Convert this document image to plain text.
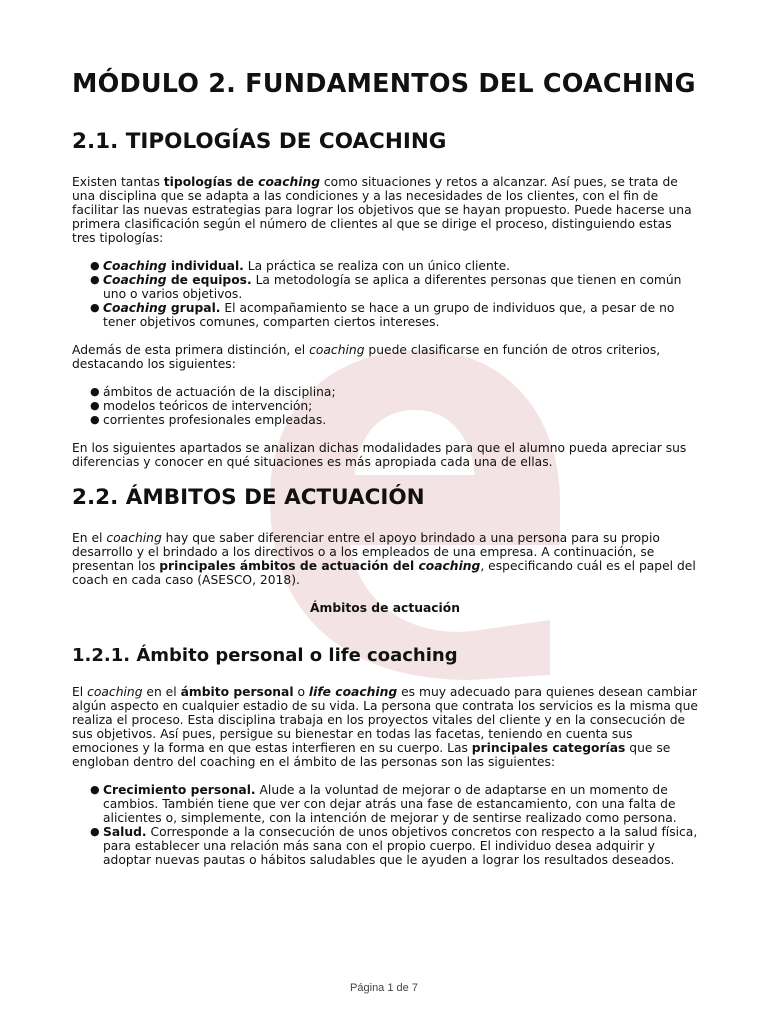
MÓDULO 2. FUNDAMENTOS DEL COACHING
2.1. TIPOLOGÍAS DE COACHING

Existen tantas tipologías de coaching como situaciones y retos a alcanzar. Así pues, se trata de una disciplina que se adapta a las condiciones y a las necesidades de los clientes, con el fin de facilitar las nuevas estrategias para lograr los objetivos que se hayan propuesto. Puede hacerse una primera clasificación según el número de clientes al que se dirige el proceso, distinguiendo estas tres tipologías:

● Coaching individual. La práctica se realiza con un único cliente.
● Coaching de equipos. La metodología se aplica a diferentes personas que tienen en común uno o varios objetivos.
● Coaching grupal. El acompañamiento se hace a un grupo de individuos que, a pesar de no tener objetivos comunes, comparten ciertos intereses.

Además de esta primera distinción, el coaching puede clasificarse en función de otros criterios, destacando los siguientes:

● ámbitos de actuación de la disciplina;
● modelos teóricos de intervención;
● corrientes profesionales empleadas.

En los siguientes apartados se analizan dichas modalidades para que el alumno pueda apreciar sus diferencias y conocer en qué situaciones es más apropiada cada una de ellas.

2.2. ÁMBITOS DE ACTUACIÓN

En el coaching hay que saber diferenciar entre el apoyo brindado a una persona para su propio desarrollo y el brindado a los directivos o a los empleados de una empresa. A continuación, se presentan los principales ámbitos de actuación del coaching, especificando cuál es el papel del coach en cada caso (ASESCO, 2018).

Ámbitos de actuación

1.2.1. Ámbito personal o life coaching

El coaching en el ámbito personal o life coaching es muy adecuado para quienes desean cambiar algún aspecto en cualquier estadio de su vida. La persona que contrata los servicios es la misma que realiza el proceso. Esta disciplina trabaja en los proyectos vitales del cliente y en la consecución de sus objetivos. Así pues, persigue su bienestar en todas las facetas, teniendo en cuenta sus emociones y la forma en que estas interfieren en su cuerpo. Las principales categorías que se engloban dentro del coaching en el ámbito de las personas son las siguientes:

● Crecimiento personal. Alude a la voluntad de mejorar o de adaptarse en un momento de cambios. También tiene que ver con dejar atrás una fase de estancamiento, con una falta de alicientes o, simplemente, con la intención de mejorar y de sentirse realizado como persona.
● Salud. Corresponde a la consecución de unos objetivos concretos con respecto a la salud física, para establecer una relación más sana con el propio cuerpo. El individuo desea adquirir y adoptar nuevas pautas o hábitos saludables que le ayuden a lograr los resultados deseados.
Página 1 de 7
